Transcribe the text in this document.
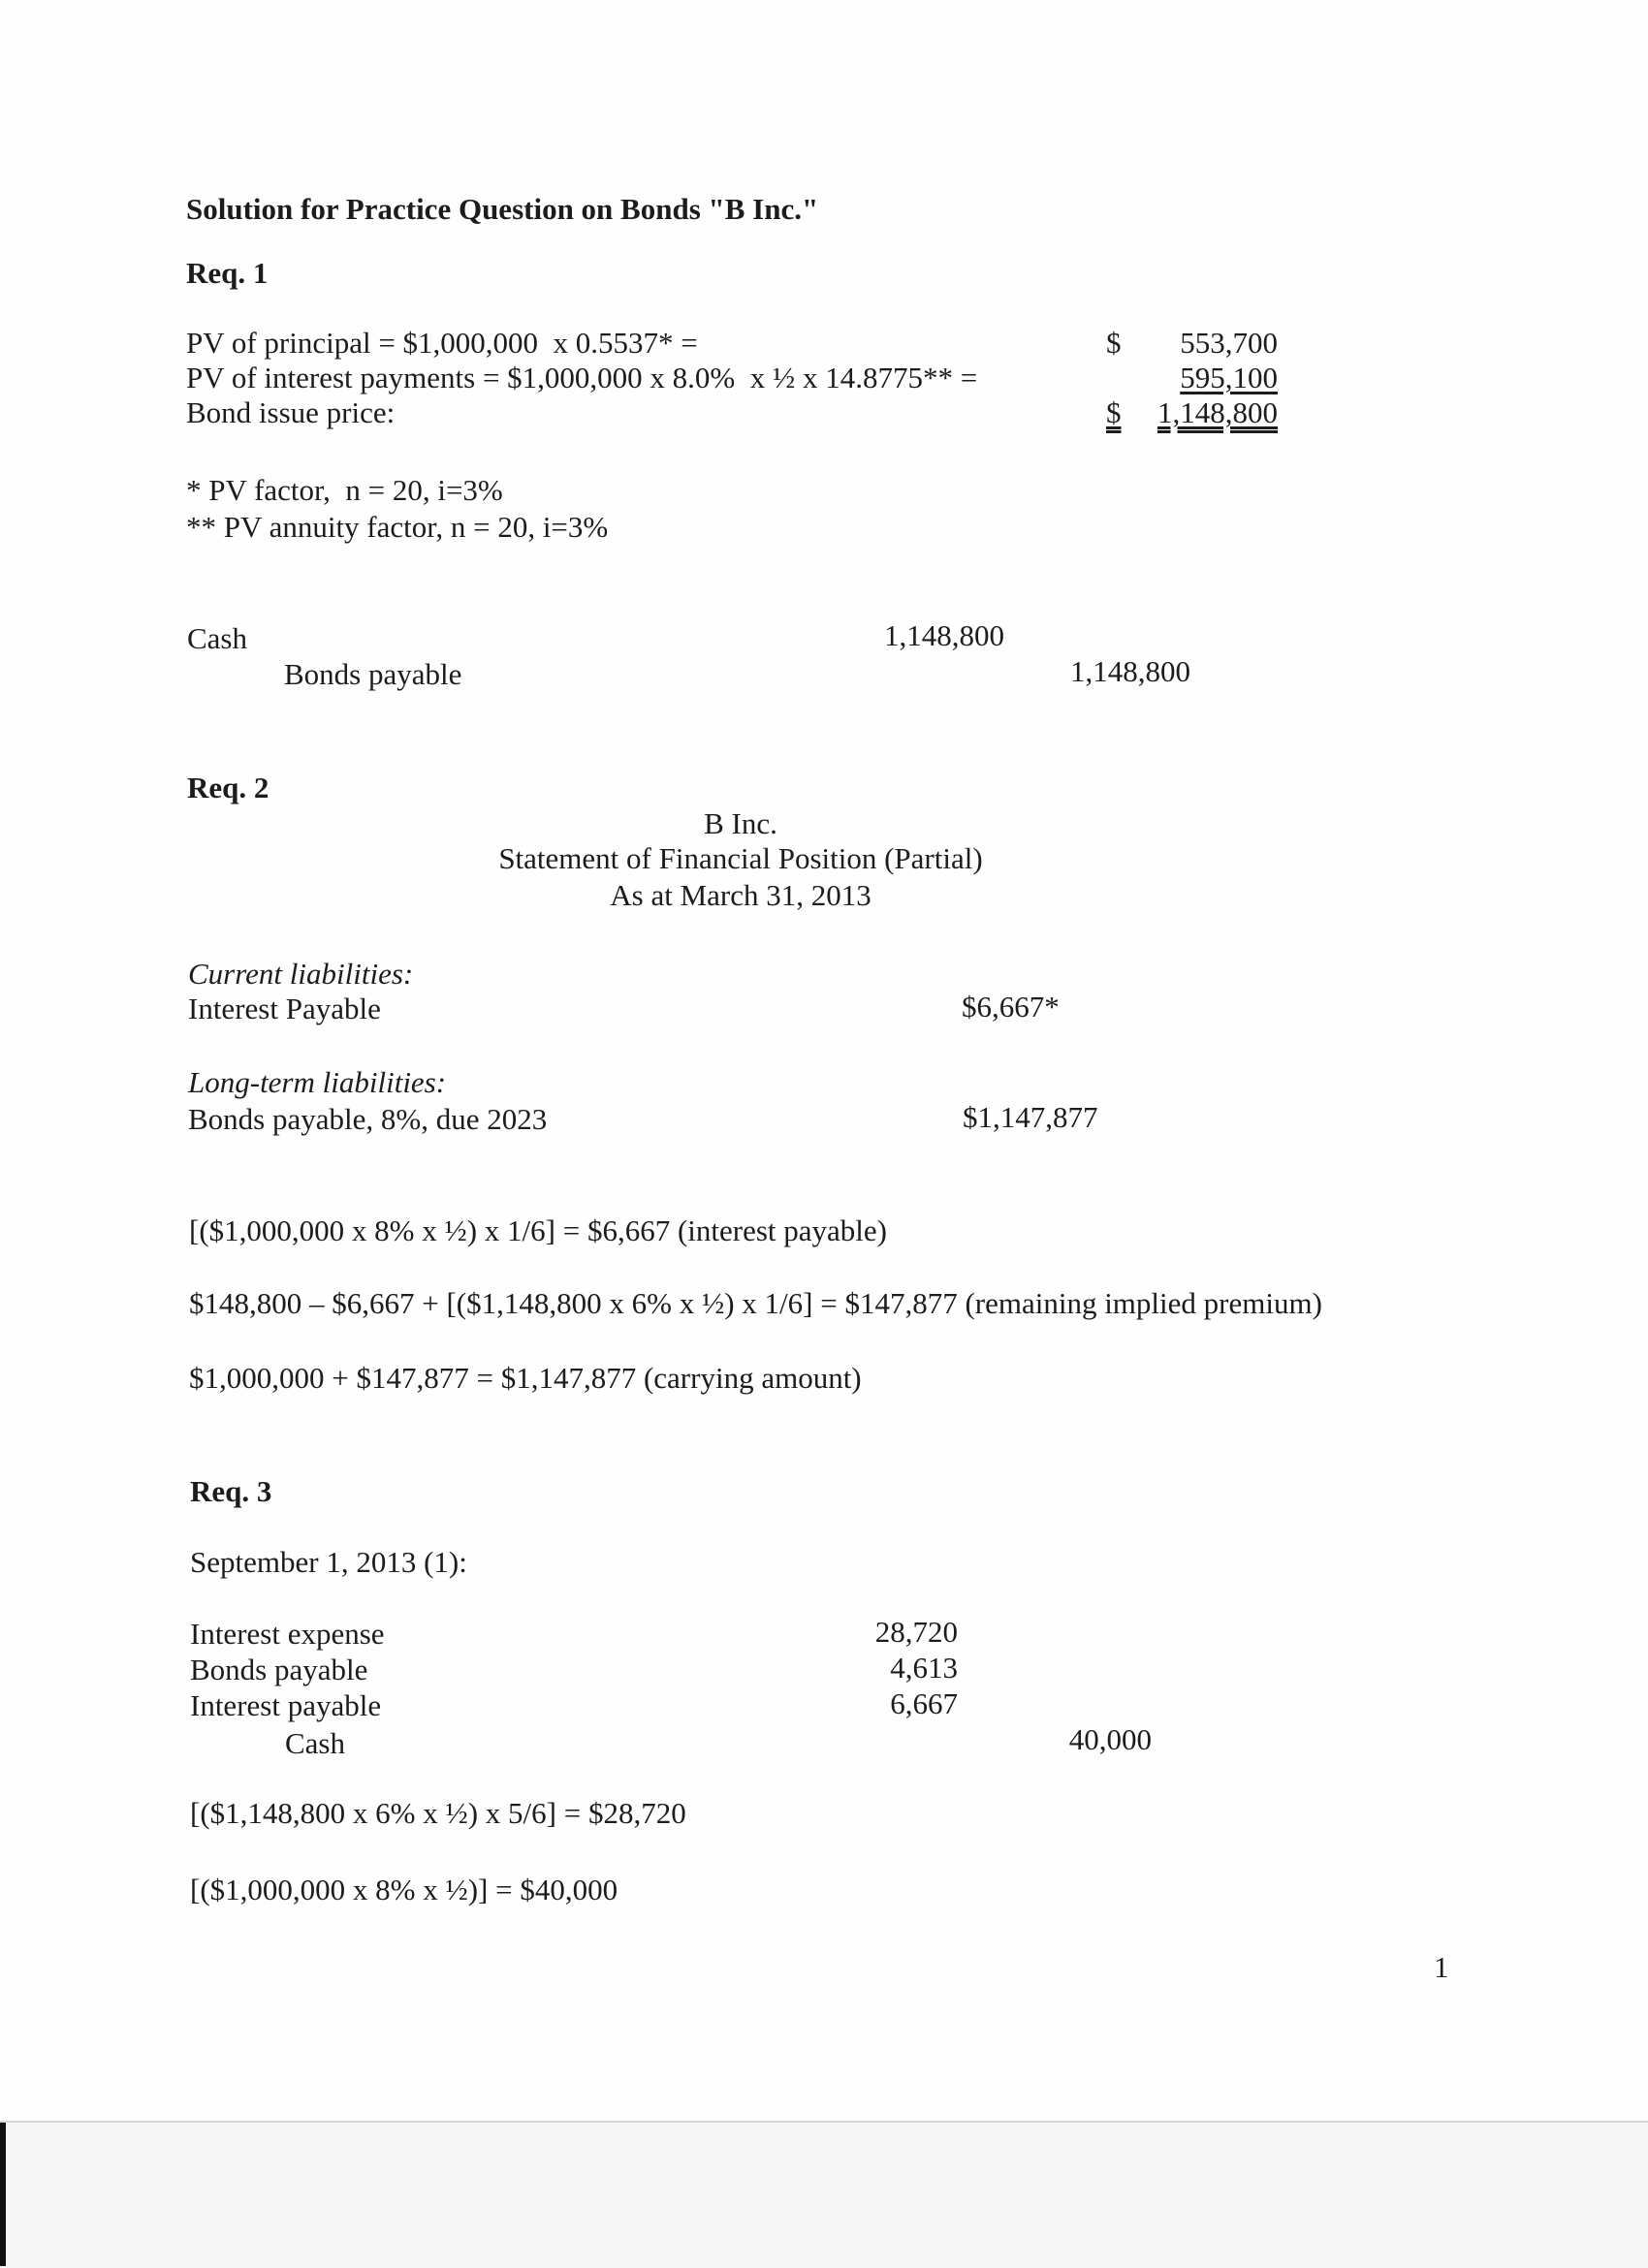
Solution for Practice Question on Bonds "B Inc."
Req. 1
PV of principal = $1,000,000  x 0.5537* =	$	553,700
PV of interest payments = $1,000,000 x 8.0%  x ½ x 14.8775** =	595,100
Bond issue price:	$	1,148,800
* PV factor,  n = 20, i=3%
** PV annuity factor, n = 20, i=3%
Cash	1,148,800
Bonds payable	1,148,800
Req. 2
B Inc.
Statement of Financial Position (Partial)
As at March 31, 2013
Current liabilities:
Interest Payable	$6,667*
Long-term liabilities:
Bonds payable, 8%, due 2023	$1,147,877
[($1,000,000 x 8% x ½) x 1/6] = $6,667 (interest payable)
$148,800 – $6,667 + [($1,148,800 x 6% x ½) x 1/6] = $147,877 (remaining implied premium)
$1,000,000 + $147,877 = $1,147,877 (carrying amount)
Req. 3
September 1, 2013 (1):
Interest expense	28,720
Bonds payable	4,613
Interest payable	6,667
Cash	40,000
[($1,148,800 x 6% x ½) x 5/6] = $28,720
[($1,000,000 x 8% x ½)] = $40,000
1
